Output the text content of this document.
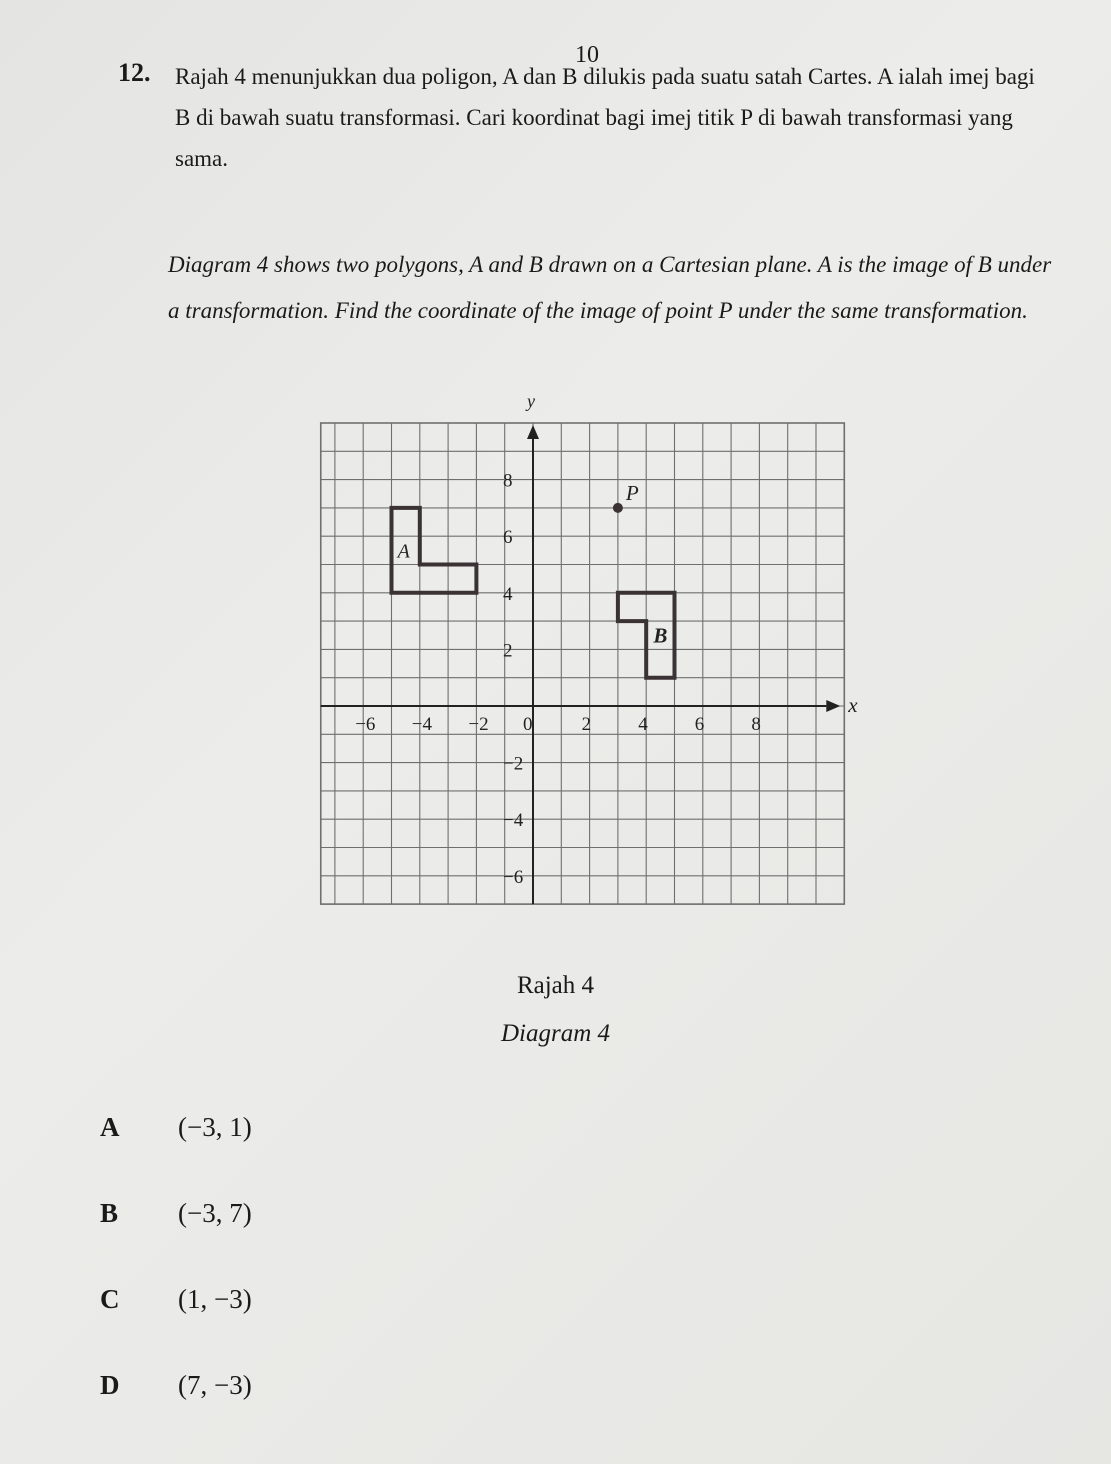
10
12. Rajah 4 menunjukkan dua poligon, A dan B dilukis pada suatu satah Cartes. A ialah imej bagi B di bawah suatu transformasi. Cari koordinat bagi imej titik P di bawah transformasi yang sama.
Diagram 4 shows two polygons, A and B drawn on a Cartesian plane. A is the image of B under a transformation. Find the coordinate of the image of point P under the same transformation.
−6 −4 −2 0	2 4 6 8
8
6
4
2
−2
−4
−6
A
B
P
x
y
Rajah 4
Diagram 4
A	(−3, 1)
B	(−3, 7)
C	(1, −3)
D	(7, −3)
